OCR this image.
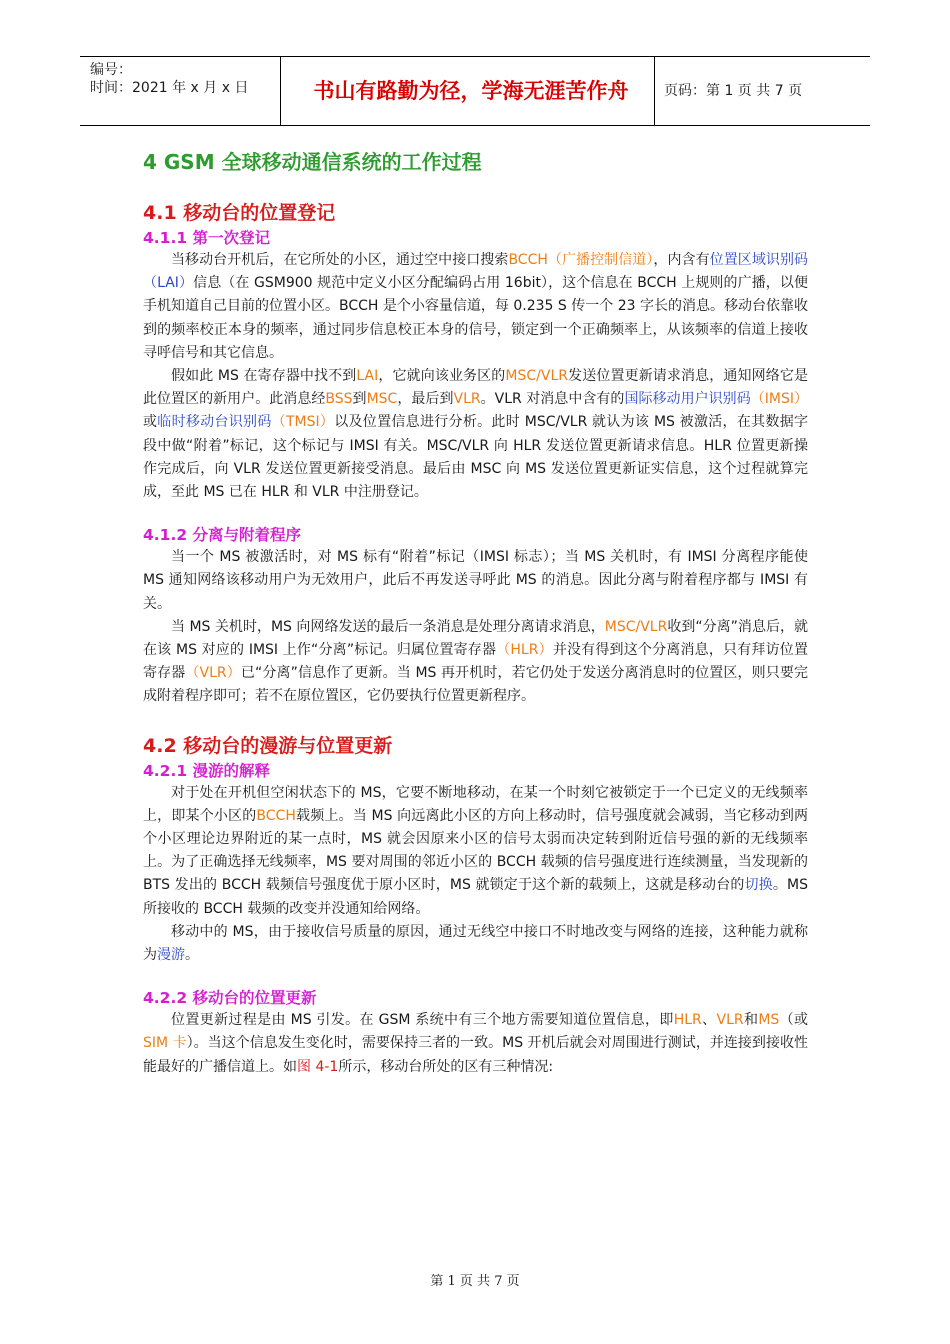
编号：
时间：2021 年 x 月 x 日	书山有路勤为径，学海无涯苦作舟	页码：第 1 页 共 7 页
4 GSM 全球移动通信系统的工作过程
4.1 移动台的位置登记
4.1.1 第一次登记

当移动台开机后，在它所处的小区，通过空中接口搜索BCCH（广播控制信道），内含有位置区域识别码（LAI）信息（在 GSM900 规范中定义小区分配编码占用 16bit），这个信息在 BCCH 上规则的广播，以便手机知道自己目前的位置小区。BCCH 是个小容量信道，每 0.235 S 传一个 23 字长的消息。移动台依靠收到的频率校正本身的频率，通过同步信息校正本身的信号，锁定到一个正确频率上，从该频率的信道上接收寻呼信号和其它信息。

假如此 MS 在寄存器中找不到LAI，它就向该业务区的MSC/VLR发送位置更新请求消息，通知网络它是此位置区的新用户。此消息经BSS到MSC，最后到VLR。VLR 对消息中含有的国际移动用户识别码（IMSI）或临时移动台识别码（TMSI）以及位置信息进行分析。此时 MSC/VLR 就认为该 MS 被激活，在其数据字段中做“附着”标记，这个标记与 IMSI 有关。MSC/VLR 向 HLR 发送位置更新请求信息。HLR 位置更新操作完成后，向 VLR 发送位置更新接受消息。最后由 MSC 向 MS 发送位置更新证实信息，这个过程就算完成，至此 MS 已在 HLR 和 VLR 中注册登记。

4.1.2 分离与附着程序

当一个 MS 被激活时，对 MS 标有“附着”标记（IMSI 标志）；当 MS 关机时，有 IMSI 分离程序能使 MS 通知网络该移动用户为无效用户，此后不再发送寻呼此 MS 的消息。因此分离与附着程序都与 IMSI 有关。

当 MS 关机时，MS 向网络发送的最后一条消息是处理分离请求消息，MSC/VLR收到“分离”消息后，就在该 MS 对应的 IMSI 上作“分离”标记。归属位置寄存器（HLR）并没有得到这个分离消息，只有拜访位置寄存器（VLR）已“分离”信息作了更新。当 MS 再开机时，若它仍处于发送分离消息时的位置区，则只要完成附着程序即可；若不在原位置区，它仍要执行位置更新程序。

4.2 移动台的漫游与位置更新
4.2.1 漫游的解释

对于处在开机但空闲状态下的 MS，它要不断地移动，在某一个时刻它被锁定于一个已定义的无线频率上，即某个小区的BCCH载频上。当 MS 向远离此小区的方向上移动时，信号强度就会减弱，当它移动到两个小区理论边界附近的某一点时，MS 就会因原来小区的信号太弱而决定转到附近信号强的新的无线频率上。为了正确选择无线频率，MS 要对周围的邻近小区的 BCCH 载频的信号强度进行连续测量，当发现新的 BTS 发出的 BCCH 载频信号强度优于原小区时，MS 就锁定于这个新的载频上，这就是移动台的切换。MS 所接收的 BCCH 载频的改变并没通知给网络。

移动中的 MS，由于接收信号质量的原因，通过无线空中接口不时地改变与网络的连接，这种能力就称为漫游。

4.2.2 移动台的位置更新

位置更新过程是由 MS 引发。在 GSM 系统中有三个地方需要知道位置信息，即HLR、VLR和MS（或SIM 卡）。当这个信息发生变化时，需要保持三者的一致。MS 开机后就会对周围进行测试，并连接到接收性能最好的广播信道上。如图 4-1所示，移动台所处的区有三种情况:

第 1 页 共 7 页
